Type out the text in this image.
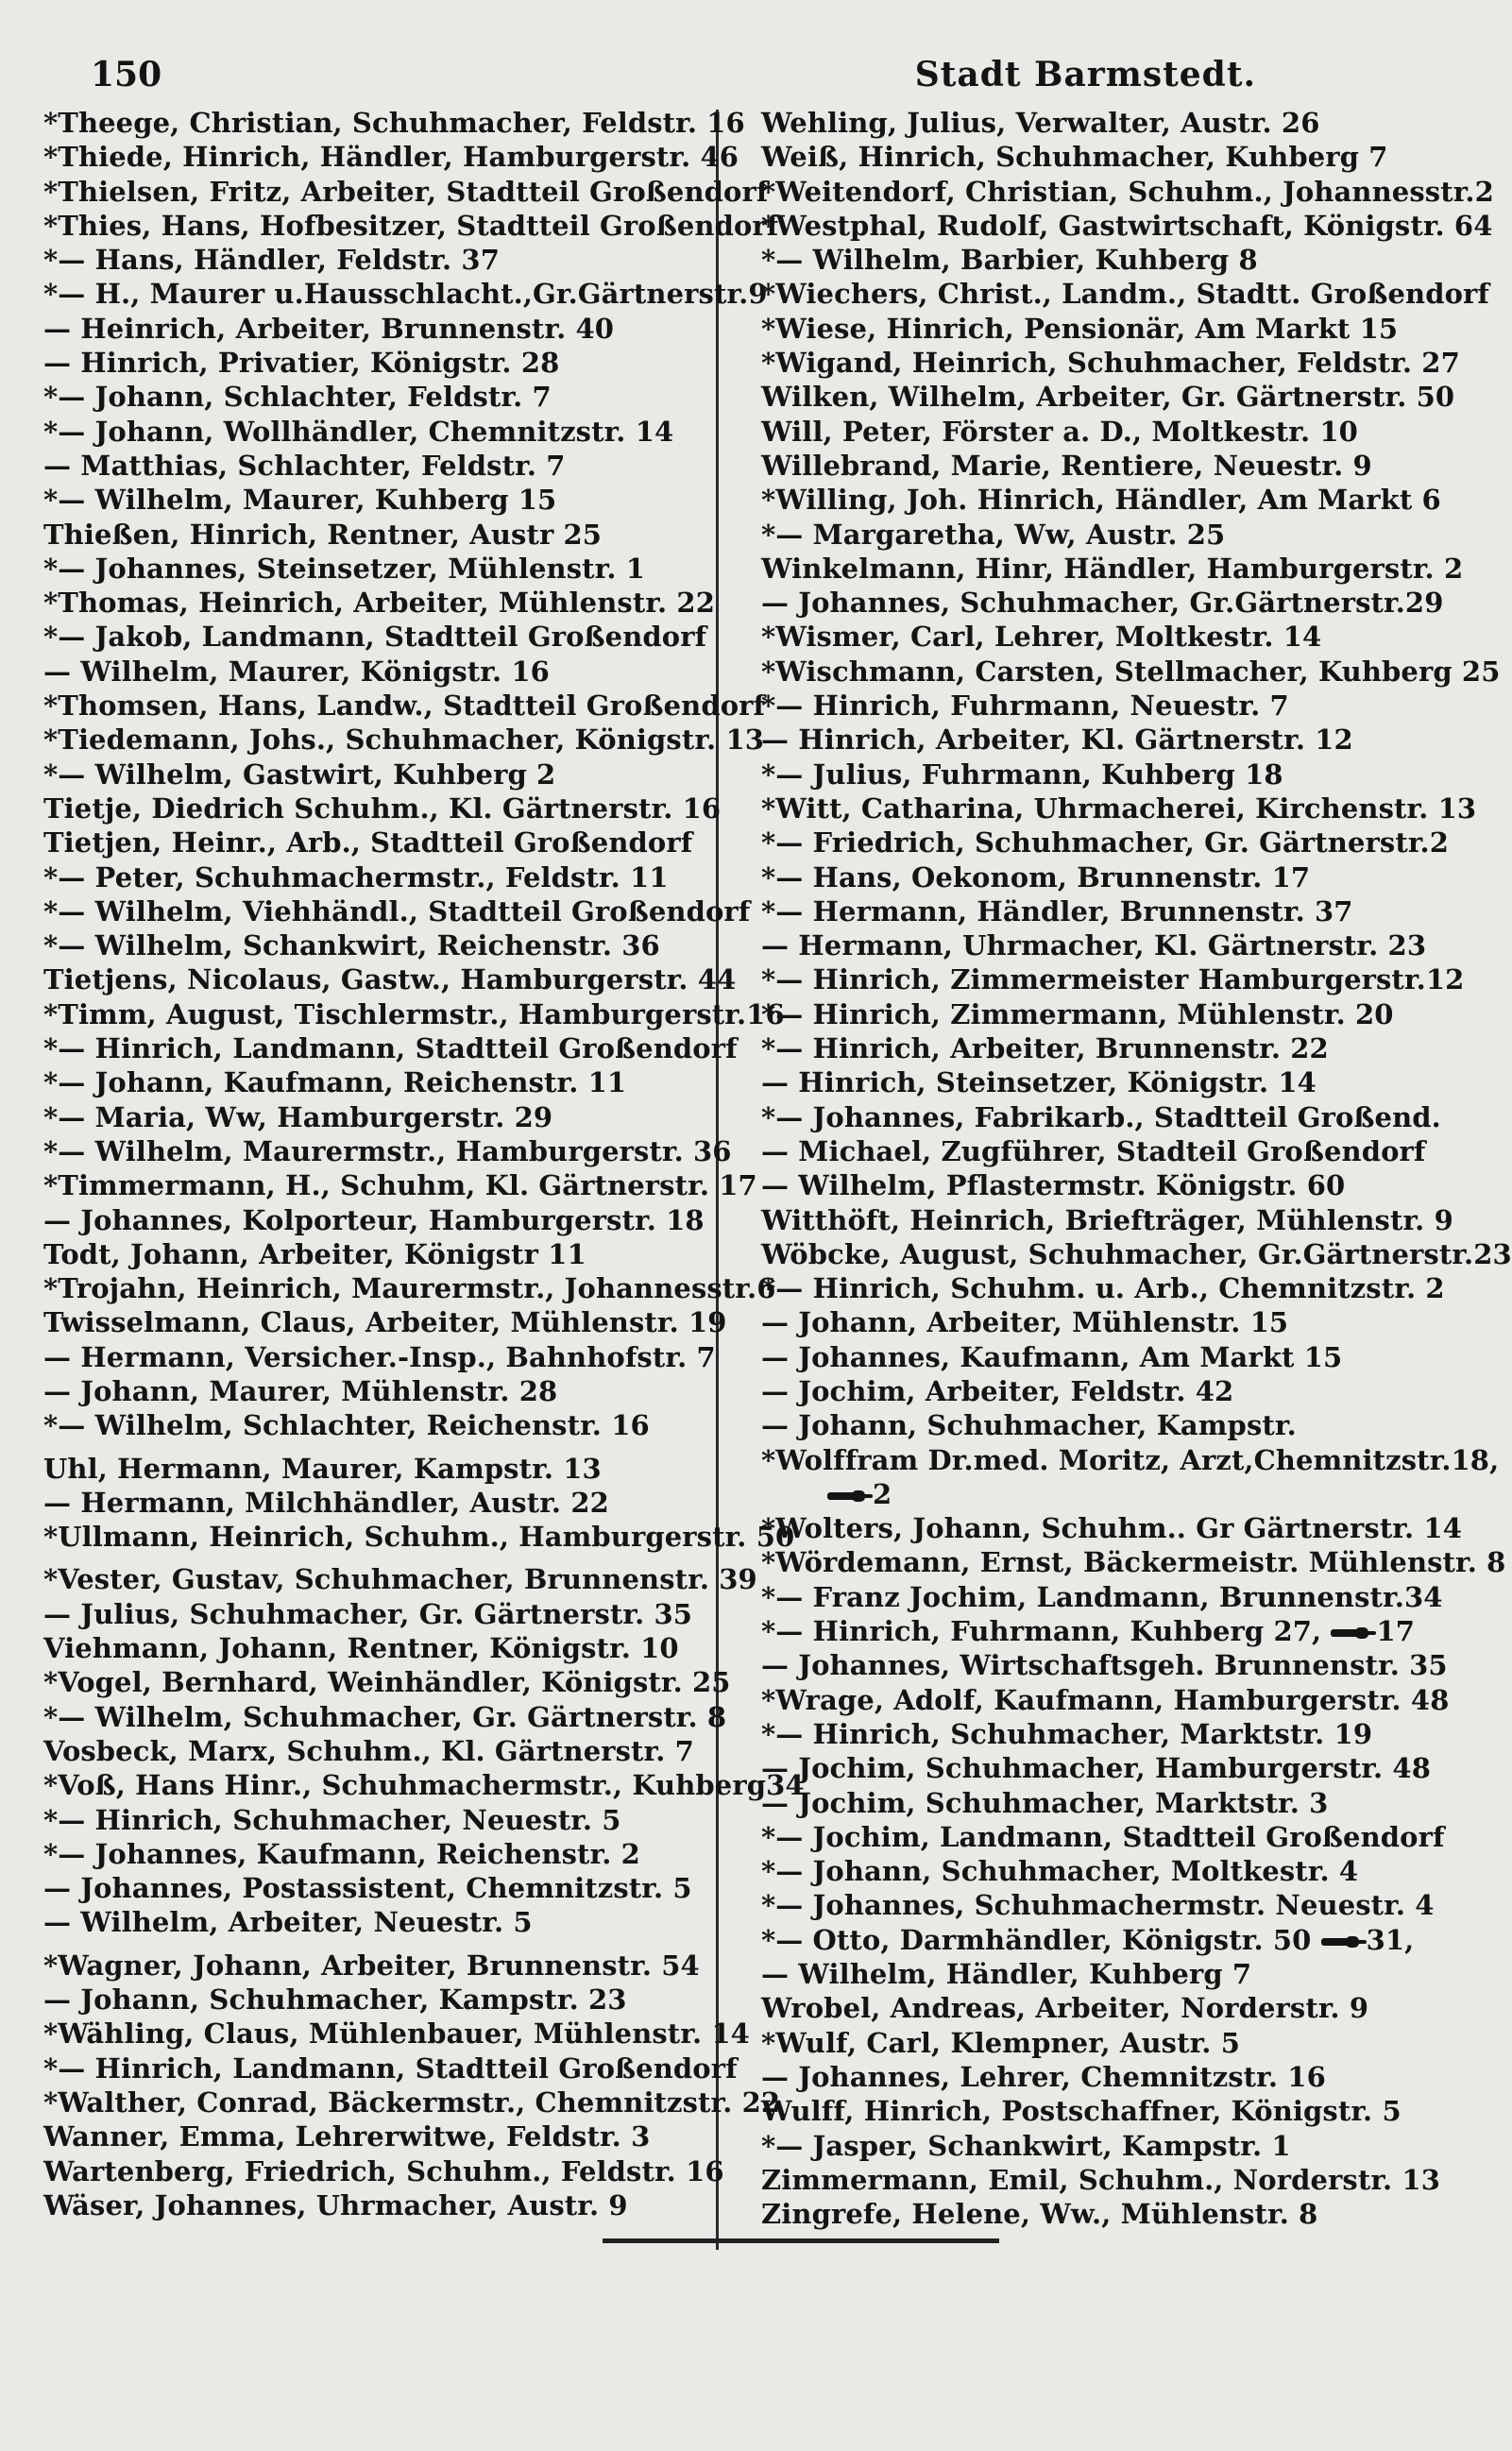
150	Stadt Barmstedt.
*Theege, Christian, Schuhmacher, Feldstr. 16
*Thiede, Hinrich, Händler, Hamburgerstr. 46
*Thielsen, Fritz, Arbeiter, Stadtteil Großendorf
*Thies, Hans, Hofbesitzer, Stadtteil Großendorf
*— Hans, Händler, Feldstr. 37
*— H., Maurer u.Hausschlacht.,Gr.Gärtnerstr.9
— Heinrich, Arbeiter, Brunnenstr. 40
— Hinrich, Privatier, Königstr. 28
*— Johann, Schlachter, Feldstr. 7
*— Johann, Wollhändler, Chemnitzstr. 14
— Matthias, Schlachter, Feldstr. 7
*— Wilhelm, Maurer, Kuhberg 15
Thießen, Hinrich, Rentner, Austr 25
*— Johannes, Steinsetzer, Mühlenstr. 1
*Thomas, Heinrich, Arbeiter, Mühlenstr. 22
*— Jakob, Landmann, Stadtteil Großendorf
— Wilhelm, Maurer, Königstr. 16
*Thomsen, Hans, Landw., Stadtteil Großendorf
*Tiedemann, Johs., Schuhmacher, Königstr. 13
*— Wilhelm, Gastwirt, Kuhberg 2
Tietje, Diedrich Schuhm., Kl. Gärtnerstr. 16
Tietjen, Heinr., Arb., Stadtteil Großendorf
*— Peter, Schuhmachermstr., Feldstr. 11
*— Wilhelm, Viehhändl., Stadtteil Großendorf
*— Wilhelm, Schankwirt, Reichenstr. 36
Tietjens, Nicolaus, Gastw., Hamburgerstr. 44
*Timm, August, Tischlermstr., Hamburgerstr.16
*— Hinrich, Landmann, Stadtteil Großendorf
*— Johann, Kaufmann, Reichenstr. 11
*— Maria, Ww, Hamburgerstr. 29
*— Wilhelm, Maurermstr., Hamburgerstr. 36
*Timmermann, H., Schuhm, Kl. Gärtnerstr. 17
— Johannes, Kolporteur, Hamburgerstr. 18
Todt, Johann, Arbeiter, Königstr 11
*Trojahn, Heinrich, Maurermstr., Johannesstr.6
Twisselmann, Claus, Arbeiter, Mühlenstr. 19
— Hermann, Versicher.-Insp., Bahnhofstr. 7
— Johann, Maurer, Mühlenstr. 28
*— Wilhelm, Schlachter, Reichenstr. 16
Uhl, Hermann, Maurer, Kampstr. 13
— Hermann, Milchhändler, Austr. 22
*Ullmann, Heinrich, Schuhm., Hamburgerstr. 50
*Vester, Gustav, Schuhmacher, Brunnenstr. 39
— Julius, Schuhmacher, Gr. Gärtnerstr. 35
Viehmann, Johann, Rentner, Königstr. 10
*Vogel, Bernhard, Weinhändler, Königstr. 25
*— Wilhelm, Schuhmacher, Gr. Gärtnerstr. 8
Vosbeck, Marx, Schuhm., Kl. Gärtnerstr. 7
*Voß, Hans Hinr., Schuhmachermstr., Kuhberg34
*— Hinrich, Schuhmacher, Neuestr. 5
*— Johannes, Kaufmann, Reichenstr. 2
— Johannes, Postassistent, Chemnitzstr. 5
— Wilhelm, Arbeiter, Neuestr. 5
*Wagner, Johann, Arbeiter, Brunnenstr. 54
— Johann, Schuhmacher, Kampstr. 23
*Wähling, Claus, Mühlenbauer, Mühlenstr. 14
*— Hinrich, Landmann, Stadtteil Großendorf
*Walther, Conrad, Bäckermstr., Chemnitzstr. 22
Wanner, Emma, Lehrerwitwe, Feldstr. 3
Wartenberg, Friedrich, Schuhm., Feldstr. 16
Wäser, Johannes, Uhrmacher, Austr. 9
Wehling, Julius, Verwalter, Austr. 26
Weiß, Hinrich, Schuhmacher, Kuhberg 7
*Weitendorf, Christian, Schuhm., Johannesstr.2
*Westphal, Rudolf, Gastwirtschaft, Königstr. 64
*— Wilhelm, Barbier, Kuhberg 8
*Wiechers, Christ., Landm., Stadtt. Großendorf
*Wiese, Hinrich, Pensionär, Am Markt 15
*Wigand, Heinrich, Schuhmacher, Feldstr. 27
Wilken, Wilhelm, Arbeiter, Gr. Gärtnerstr. 50
Will, Peter, Förster a. D., Moltkestr. 10
Willebrand, Marie, Rentiere, Neuestr. 9
*Willing, Joh. Hinrich, Händler, Am Markt 6
*— Margaretha, Ww, Austr. 25
Winkelmann, Hinr, Händler, Hamburgerstr. 2
— Johannes, Schuhmacher, Gr.Gärtnerstr.29
*Wismer, Carl, Lehrer, Moltkestr. 14
*Wischmann, Carsten, Stellmacher, Kuhberg 25
*— Hinrich, Fuhrmann, Neuestr. 7
— Hinrich, Arbeiter, Kl. Gärtnerstr. 12
*— Julius, Fuhrmann, Kuhberg 18
*Witt, Catharina, Uhrmacherei, Kirchenstr. 13
*— Friedrich, Schuhmacher, Gr. Gärtnerstr.2
*— Hans, Oekonom, Brunnenstr. 17
*— Hermann, Händler, Brunnenstr. 37
— Hermann, Uhrmacher, Kl. Gärtnerstr. 23
*— Hinrich, Zimmermeister Hamburgerstr.12
*— Hinrich, Zimmermann, Mühlenstr. 20
*— Hinrich, Arbeiter, Brunnenstr. 22
— Hinrich, Steinsetzer, Königstr. 14
*— Johannes, Fabrikarb., Stadtteil Großend.
— Michael, Zugführer, Stadteil Großendorf
— Wilhelm, Pflastermstr. Königstr. 60
Witthöft, Heinrich, Briefträger, Mühlenstr. 9
Wöbcke, August, Schuhmacher, Gr.Gärtnerstr.23
*— Hinrich, Schuhm. u. Arb., Chemnitzstr. 2
— Johann, Arbeiter, Mühlenstr. 15
— Johannes, Kaufmann, Am Markt 15
— Jochim, Arbeiter, Feldstr. 42
— Johann, Schuhmacher, Kampstr.
*Wolffram Dr.med. Moritz, Arzt,Chemnitzstr.18,
2
*Wolters, Johann, Schuhm.. Gr Gärtnerstr. 14
*Wördemann, Ernst, Bäckermeistr. Mühlenstr. 8
*— Franz Jochim, Landmann, Brunnenstr.34
*— Hinrich, Fuhrmann, Kuhberg 27, 17
— Johannes, Wirtschaftsgeh. Brunnenstr. 35
*Wrage, Adolf, Kaufmann, Hamburgerstr. 48
*— Hinrich, Schuhmacher, Marktstr. 19
— Jochim, Schuhmacher, Hamburgerstr. 48
— Jochim, Schuhmacher, Marktstr. 3
*— Jochim, Landmann, Stadtteil Großendorf
*— Johann, Schuhmacher, Moltkestr. 4
*— Johannes, Schuhmachermstr. Neuestr. 4
*— Otto, Darmhändler, Königstr. 50 31,
— Wilhelm, Händler, Kuhberg 7
Wrobel, Andreas, Arbeiter, Norderstr. 9
*Wulf, Carl, Klempner, Austr. 5
— Johannes, Lehrer, Chemnitzstr. 16
Wulff, Hinrich, Postschaffner, Königstr. 5
*— Jasper, Schankwirt, Kampstr. 1
Zimmermann, Emil, Schuhm., Norderstr. 13
Zingrefe, Helene, Ww., Mühlenstr. 8
